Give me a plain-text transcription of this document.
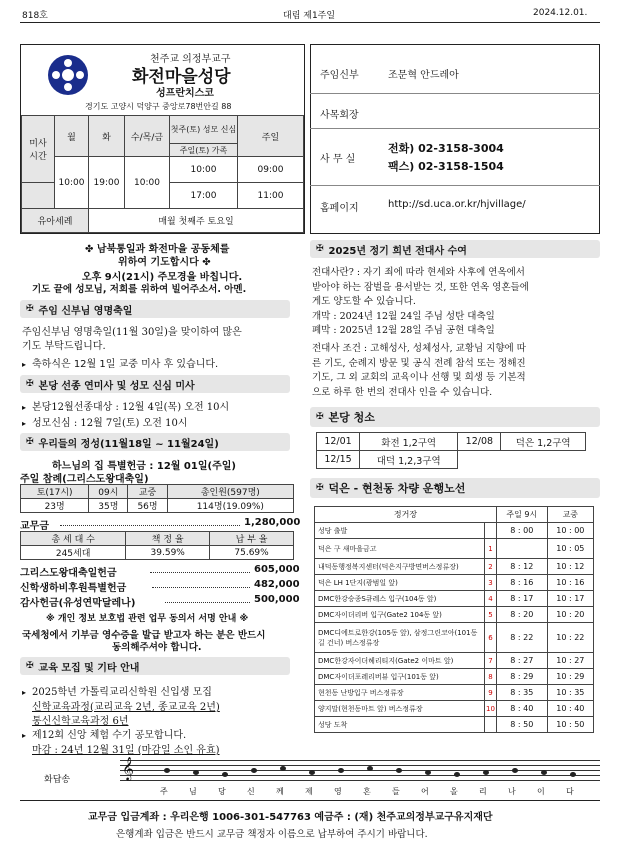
818호	대림 제1주일	2024.12.01.
천주교 의정부교구
화전마을성당
성프란치스코
경기도 고양시 덕양구 중앙로78번안길 88
미사
시간	월	화	수/목/금	첫주(토) 성모 신심	주일
				주일(토) 가족	
	10:00	19:00	10:00	10:00	09:00
				17:00	11:00
유아세례		매월 첫째주 토요일			
주임신부	조문혁 안드레아
사목회장
사 무 실
전화) 02-3158-3004
팩스) 02-3158-1504
홈페이지	http://sd.uca.or.kr/hjvillage/
✤ 남북통일과 화전마을 공동체를
위하여 기도합시다 ✤
오후 9시(21시) 주모경을 바칩니다.
기도 끝에 성모님, 저희를 위하여 빌어주소서. 아멘.
✠ 주임 신부님 영명축일
주임신부님 영명축일(11월 30일)을 맞이하여 많은
기도 부탁드립니다.
▸ 축하식은 12월 1일 교중 미사 후 있습니다.
✠ 본당 선종 연미사 및 성모 신심 미사
▸ 본당12월선종대상 : 12월 4일(목) 오전 10시
▸ 성모신심 : 12월 7일(토) 오전 10시
✠ 우리들의 정성(11월18일 ~ 11월24일)
하느님의 집 특별헌금 : 12월 01일(주일)
주일 참례(그리스도왕대축일)
토(17시)	09시	교중	총인원(597명)
23명	35명	56명	114명(19.09%)
교무금	1,280,000
총 세 대 수	책 정 율	납 부 율
245세대	39.59%	75.69%
그리스도왕대축일헌금	605,000
신학생하비후원특별헌금	482,000
감사헌금(유성연막달레나)	500,000
※ 개인 정보 보호법 관련 업무 동의서 서명 안내 ※
국세청에서 기부금 영수증을 발급 받고자 하는 분은 반드시
동의해주셔야 합니다.
✠ 교육 모집 및 기타 안내
▸ 2025학년 가톨릭교리신학원 신입생 모집
신학교육과정(교리교육 2년, 종교교육 2년)
통신신학교육과정 6년
▸ 제12회 신앙 체험 수기 공모합니다.
마감 : 24년 12월 31일 (마감일 소인 유효)
화답송	𝄞
주	님	당	신	께	제	영	혼	들	어	올	리	나	이	다
✠ 2025년 정기 희년 전대사 수여
전대사란? : 자기 죄에 따라 현세와 사후에 연옥에서
받아야 하는 잠벌을 용서받는 것, 또한 연옥 영혼들에
게도 양도할 수 있습니다.
개막 : 2024년 12월 24일 주님 성탄 대축일
폐막 : 2025년 12월 28일 주님 공현 대축일
전대사 조건 : 고해성사, 성체성사, 교황님 지향에 따
른 기도, 순례지 방문 및 공식 전례 참석 또는 정해진
기도, 그 외 교회의 교육이나 선행 및 희생 등 기본적
으로 하루 한 번의 전대사 인을 수 있습니다.
✠ 본당 청소
12/01	화전 1,2구역	12/08	덕은 1,2구역
12/15	대덕 1,2,3구역		
✠ 덕은 - 현천동 차량 운행노선
정거장		주일 9시	교중
성당 출발		8 : 00	10 : 00
덕은 구 새마을금고	1		10 : 05
내덕동행정복지센터(덕은지구방면버스정류장)	2	8 : 12	10 : 12
덕은 LH 1단지(광범일 앞)	3	8 : 16	10 : 16
DMC한강승종S큐레스 입구(104동 앞)	4	8 : 17	10 : 17
DMC자이더리버 입구(Gate2 104동 앞)	5	8 : 20	10 : 20
DMC디에트로한강(105동 앞), 삼정그린코아(101동 길 건너) 버스정류장	6	8 : 22	10 : 22
DMC한강자이더헤리티지(Gate2 이마트 앞)	7	8 : 27	10 : 27
DMC자이더포레리버뷰 입구(101동 앞)	8	8 : 29	10 : 29
현천동 난방입구 버스정류장	9	8 : 35	10 : 35
양지말(현천동마트 앞) 버스정류장	10	8 : 40	10 : 40
성당 도착		8 : 50	10 : 50
교무금 입금계좌 : 우리은행 1006-301-547763 예금주 : (재) 천주교의정부교구유지재단
은행계좌 입금은 반드시 교무금 책정자 이름으로 납부하여 주시기 바랍니다.
